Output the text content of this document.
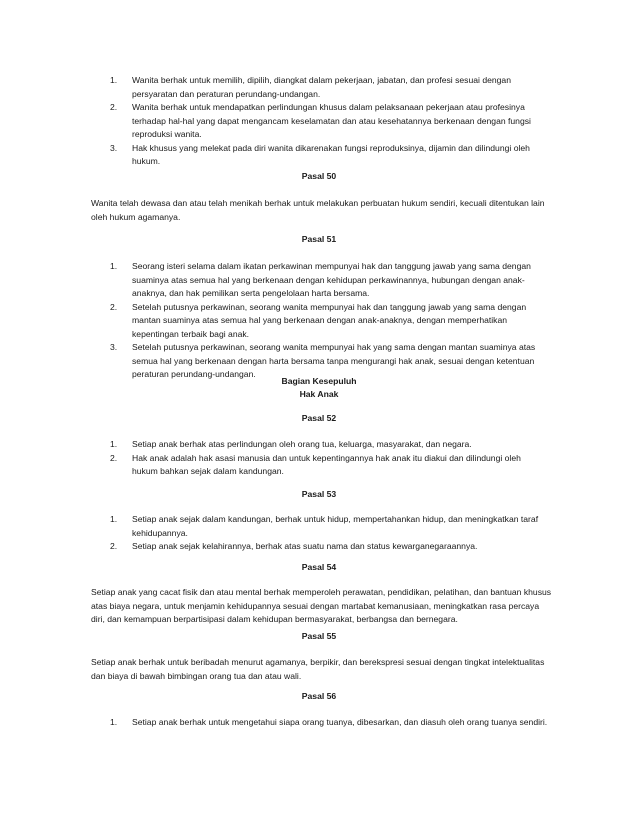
1. Wanita berhak untuk memilih, dipilih, diangkat dalam pekerjaan, jabatan, dan profesi sesuai dengan persyaratan dan peraturan perundang-undangan.
2. Wanita berhak untuk mendapatkan perlindungan khusus dalam pelaksanaan pekerjaan atau profesinya terhadap hal-hal yang dapat mengancam keselamatan dan atau kesehatannya berkenaan dengan fungsi reproduksi wanita.
3. Hak khusus yang melekat pada diri wanita dikarenakan fungsi reproduksinya, dijamin dan dilindungi oleh hukum.
Pasal 50
Wanita telah dewasa dan atau telah menikah berhak untuk melakukan perbuatan hukum sendiri, kecuali ditentukan lain oleh hukum agamanya.
Pasal 51
1. Seorang isteri selama dalam ikatan perkawinan mempunyai hak dan tanggung jawab yang sama dengan suaminya atas semua hal yang berkenaan dengan kehidupan perkawinannya, hubungan dengan anak-anaknya, dan hak pemilikan serta pengelolaan harta bersama.
2. Setelah putusnya perkawinan, seorang wanita mempunyai hak dan tanggung jawab yang sama dengan mantan suaminya atas semua hal yang berkenaan dengan anak-anaknya, dengan memperhatikan kepentingan terbaik bagi anak.
3. Setelah putusnya perkawinan, seorang wanita mempunyai hak yang sama dengan mantan suaminya atas semua hal yang berkenaan dengan harta bersama tanpa mengurangi hak anak, sesuai dengan ketentuan peraturan perundang-undangan.
Bagian Kesepuluh
Hak Anak
Pasal 52
1. Setiap anak berhak atas perlindungan oleh orang tua, keluarga, masyarakat, dan negara.
2. Hak anak adalah hak asasi manusia dan untuk kepentingannya hak anak itu diakui dan dilindungi oleh hukum bahkan sejak dalam kandungan.
Pasal 53
1. Setiap anak sejak dalam kandungan, berhak untuk hidup, mempertahankan hidup, dan meningkatkan taraf kehidupannya.
2. Setiap anak sejak kelahirannya, berhak atas suatu nama dan status kewarganegaraannya.
Pasal 54
Setiap anak yang cacat fisik dan atau mental berhak memperoleh perawatan, pendidikan, pelatihan, dan bantuan khusus atas biaya negara, untuk menjamin kehidupannya sesuai dengan martabat kemanusiaan, meningkatkan rasa percaya diri, dan kemampuan berpartisipasi dalam kehidupan bermasyarakat, berbangsa dan bernegara.
Pasal 55
Setiap anak berhak untuk beribadah menurut agamanya, berpikir, dan berekspresi sesuai dengan tingkat intelektualitas dan biaya di bawah bimbingan orang tua dan atau wali.
Pasal 56
1. Setiap anak berhak untuk mengetahui siapa orang tuanya, dibesarkan, dan diasuh oleh orang tuanya sendiri.
